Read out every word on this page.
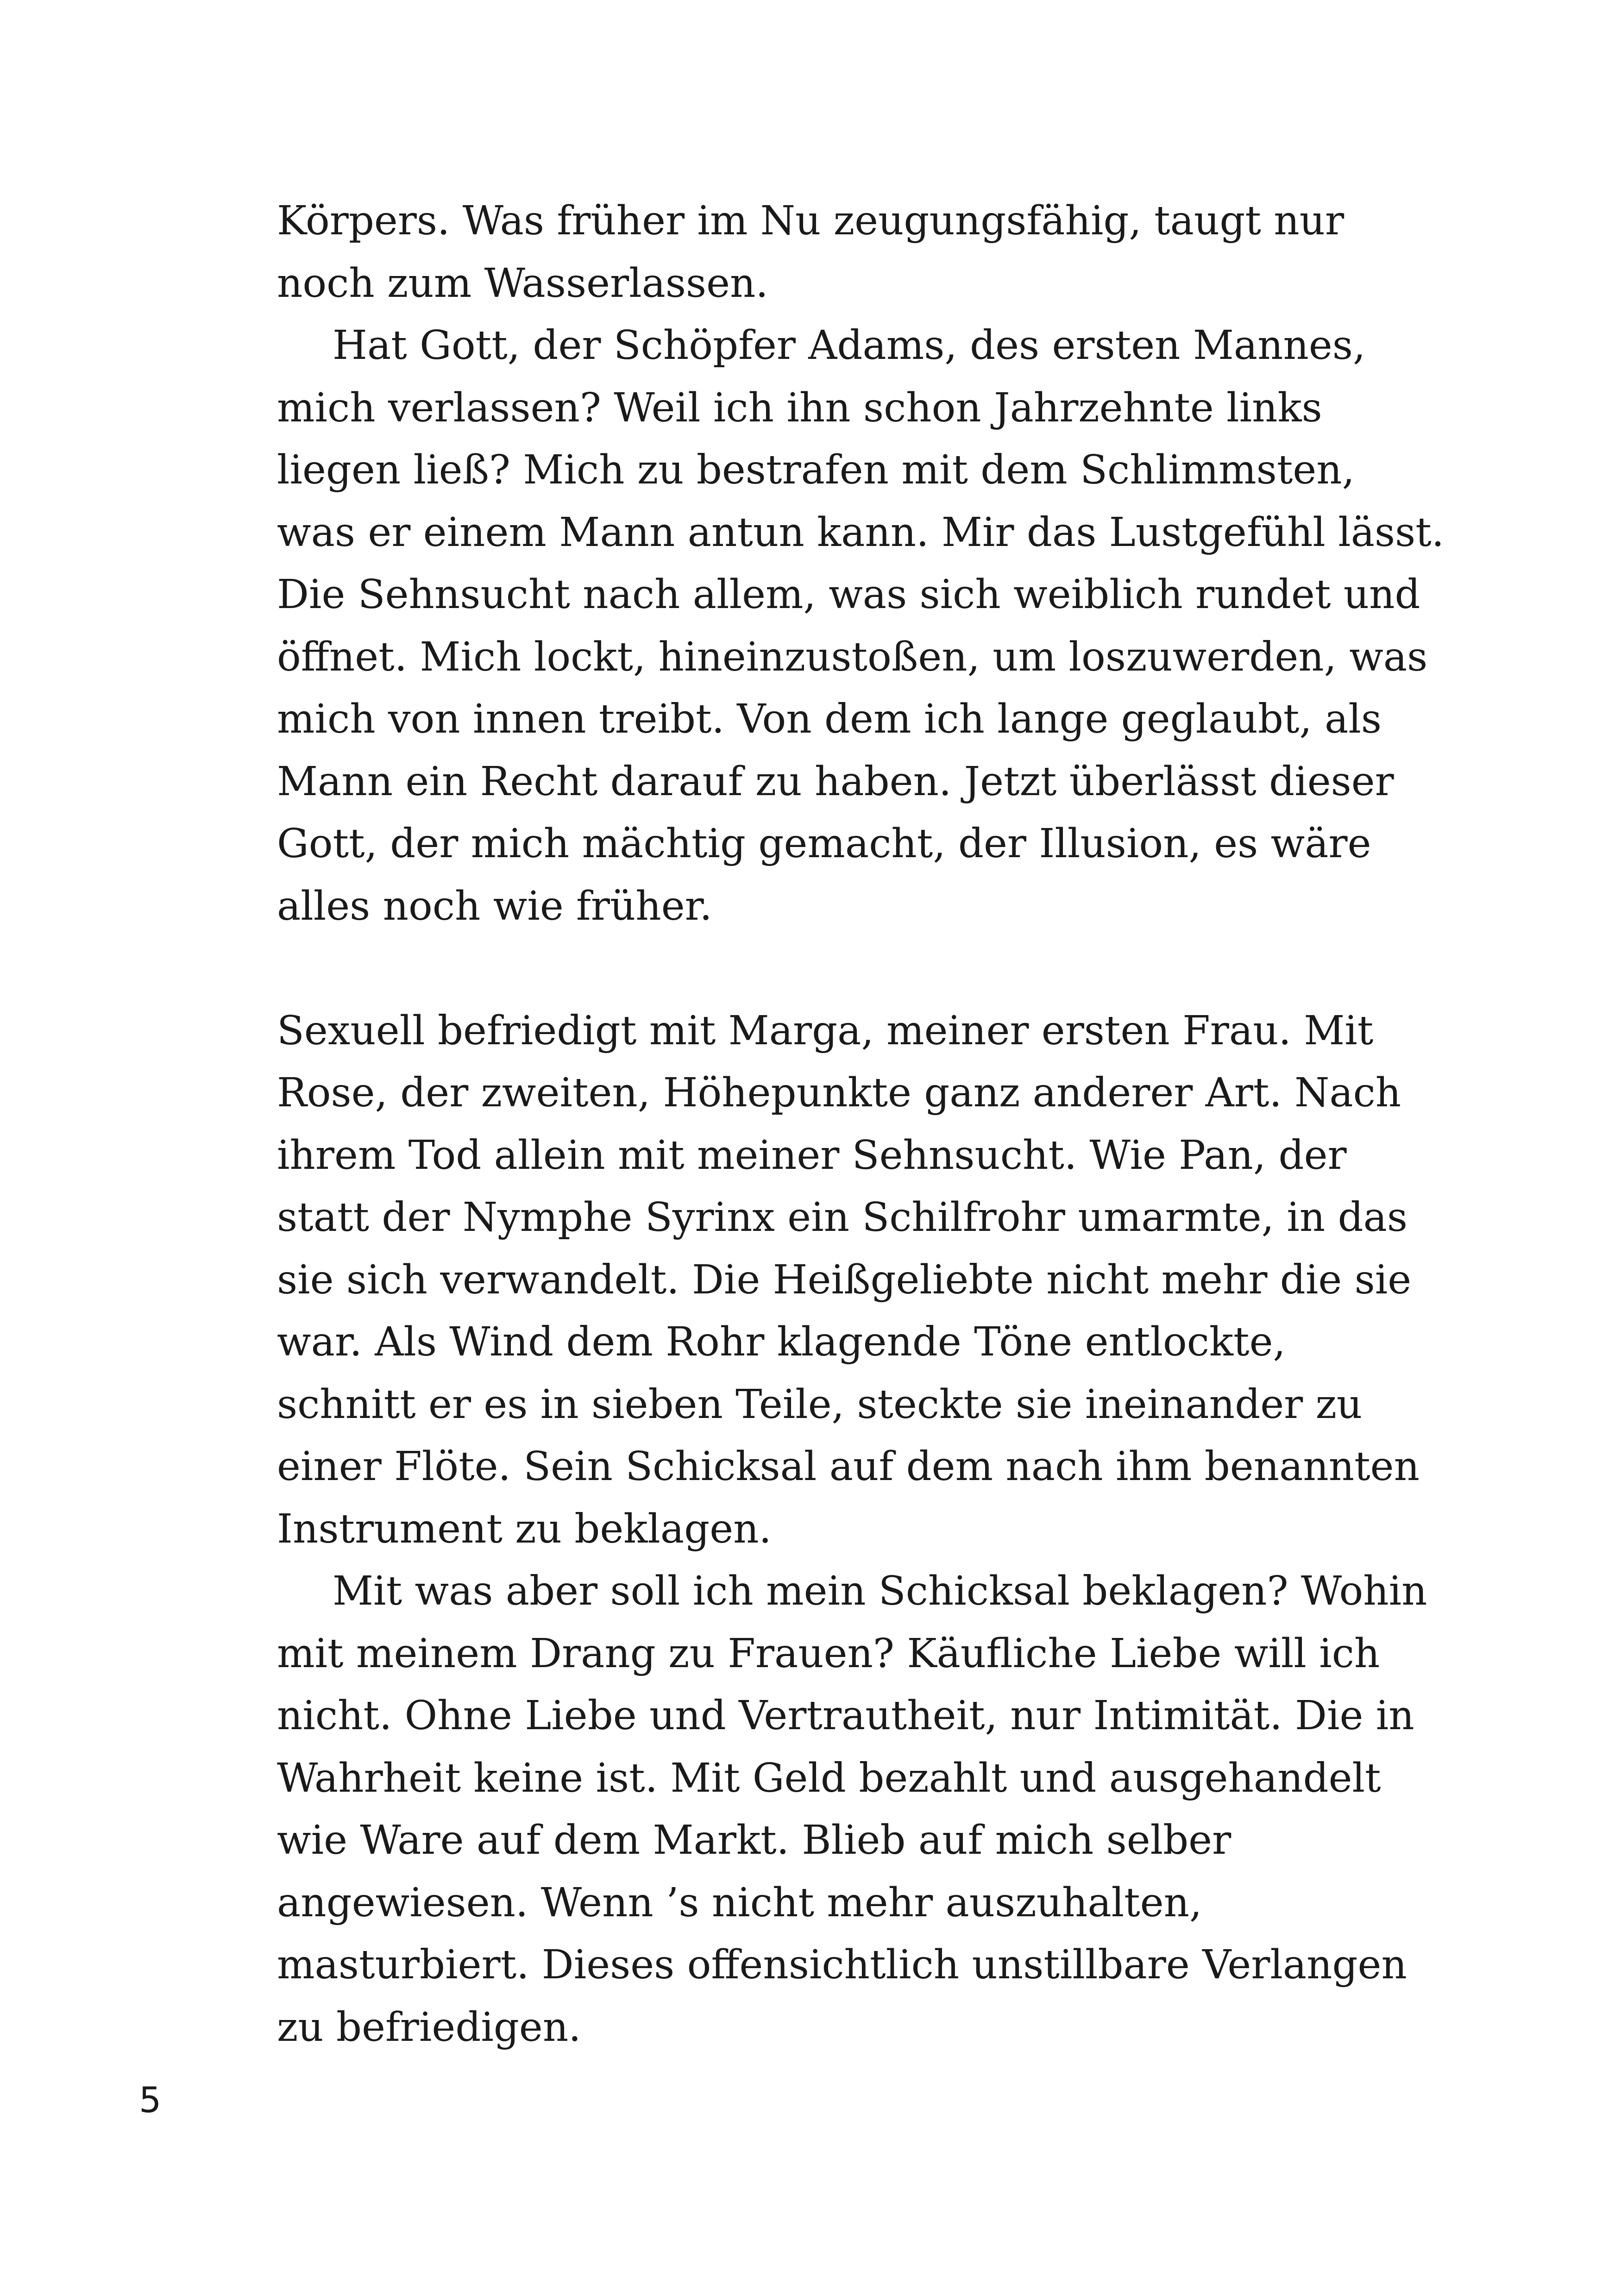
Körpers. Was früher im Nu zeugungsfähig, taugt nur
noch zum Wasserlassen.
Hat Gott, der Schöpfer Adams, des ersten Mannes,
mich verlassen? Weil ich ihn schon Jahrzehnte links
liegen ließ? Mich zu bestrafen mit dem Schlimmsten,
was er einem Mann antun kann. Mir das Lustgefühl lässt.
Die Sehnsucht nach allem, was sich weiblich rundet und
öffnet. Mich lockt, hineinzustoßen, um loszuwerden, was
mich von innen treibt. Von dem ich lange geglaubt, als
Mann ein Recht darauf zu haben. Jetzt überlässt dieser
Gott, der mich mächtig gemacht, der Illusion, es wäre
alles noch wie früher.
Sexuell befriedigt mit Marga, meiner ersten Frau. Mit
Rose, der zweiten, Höhepunkte ganz anderer Art. Nach
ihrem Tod allein mit meiner Sehnsucht. Wie Pan, der
statt der Nymphe Syrinx ein Schilfrohr umarmte, in das
sie sich verwandelt. Die Heißgeliebte nicht mehr die sie
war. Als Wind dem Rohr klagende Töne entlockte,
schnitt er es in sieben Teile, steckte sie ineinander zu
einer Flöte. Sein Schicksal auf dem nach ihm benannten
Instrument zu beklagen.
Mit was aber soll ich mein Schicksal beklagen? Wohin
mit meinem Drang zu Frauen? Käufliche Liebe will ich
nicht. Ohne Liebe und Vertrautheit, nur Intimität. Die in
Wahrheit keine ist. Mit Geld bezahlt und ausgehandelt
wie Ware auf dem Markt. Blieb auf mich selber
angewiesen. Wenn ’s nicht mehr auszuhalten,
masturbiert. Dieses offensichtlich unstillbare Verlangen
zu befriedigen.
5
